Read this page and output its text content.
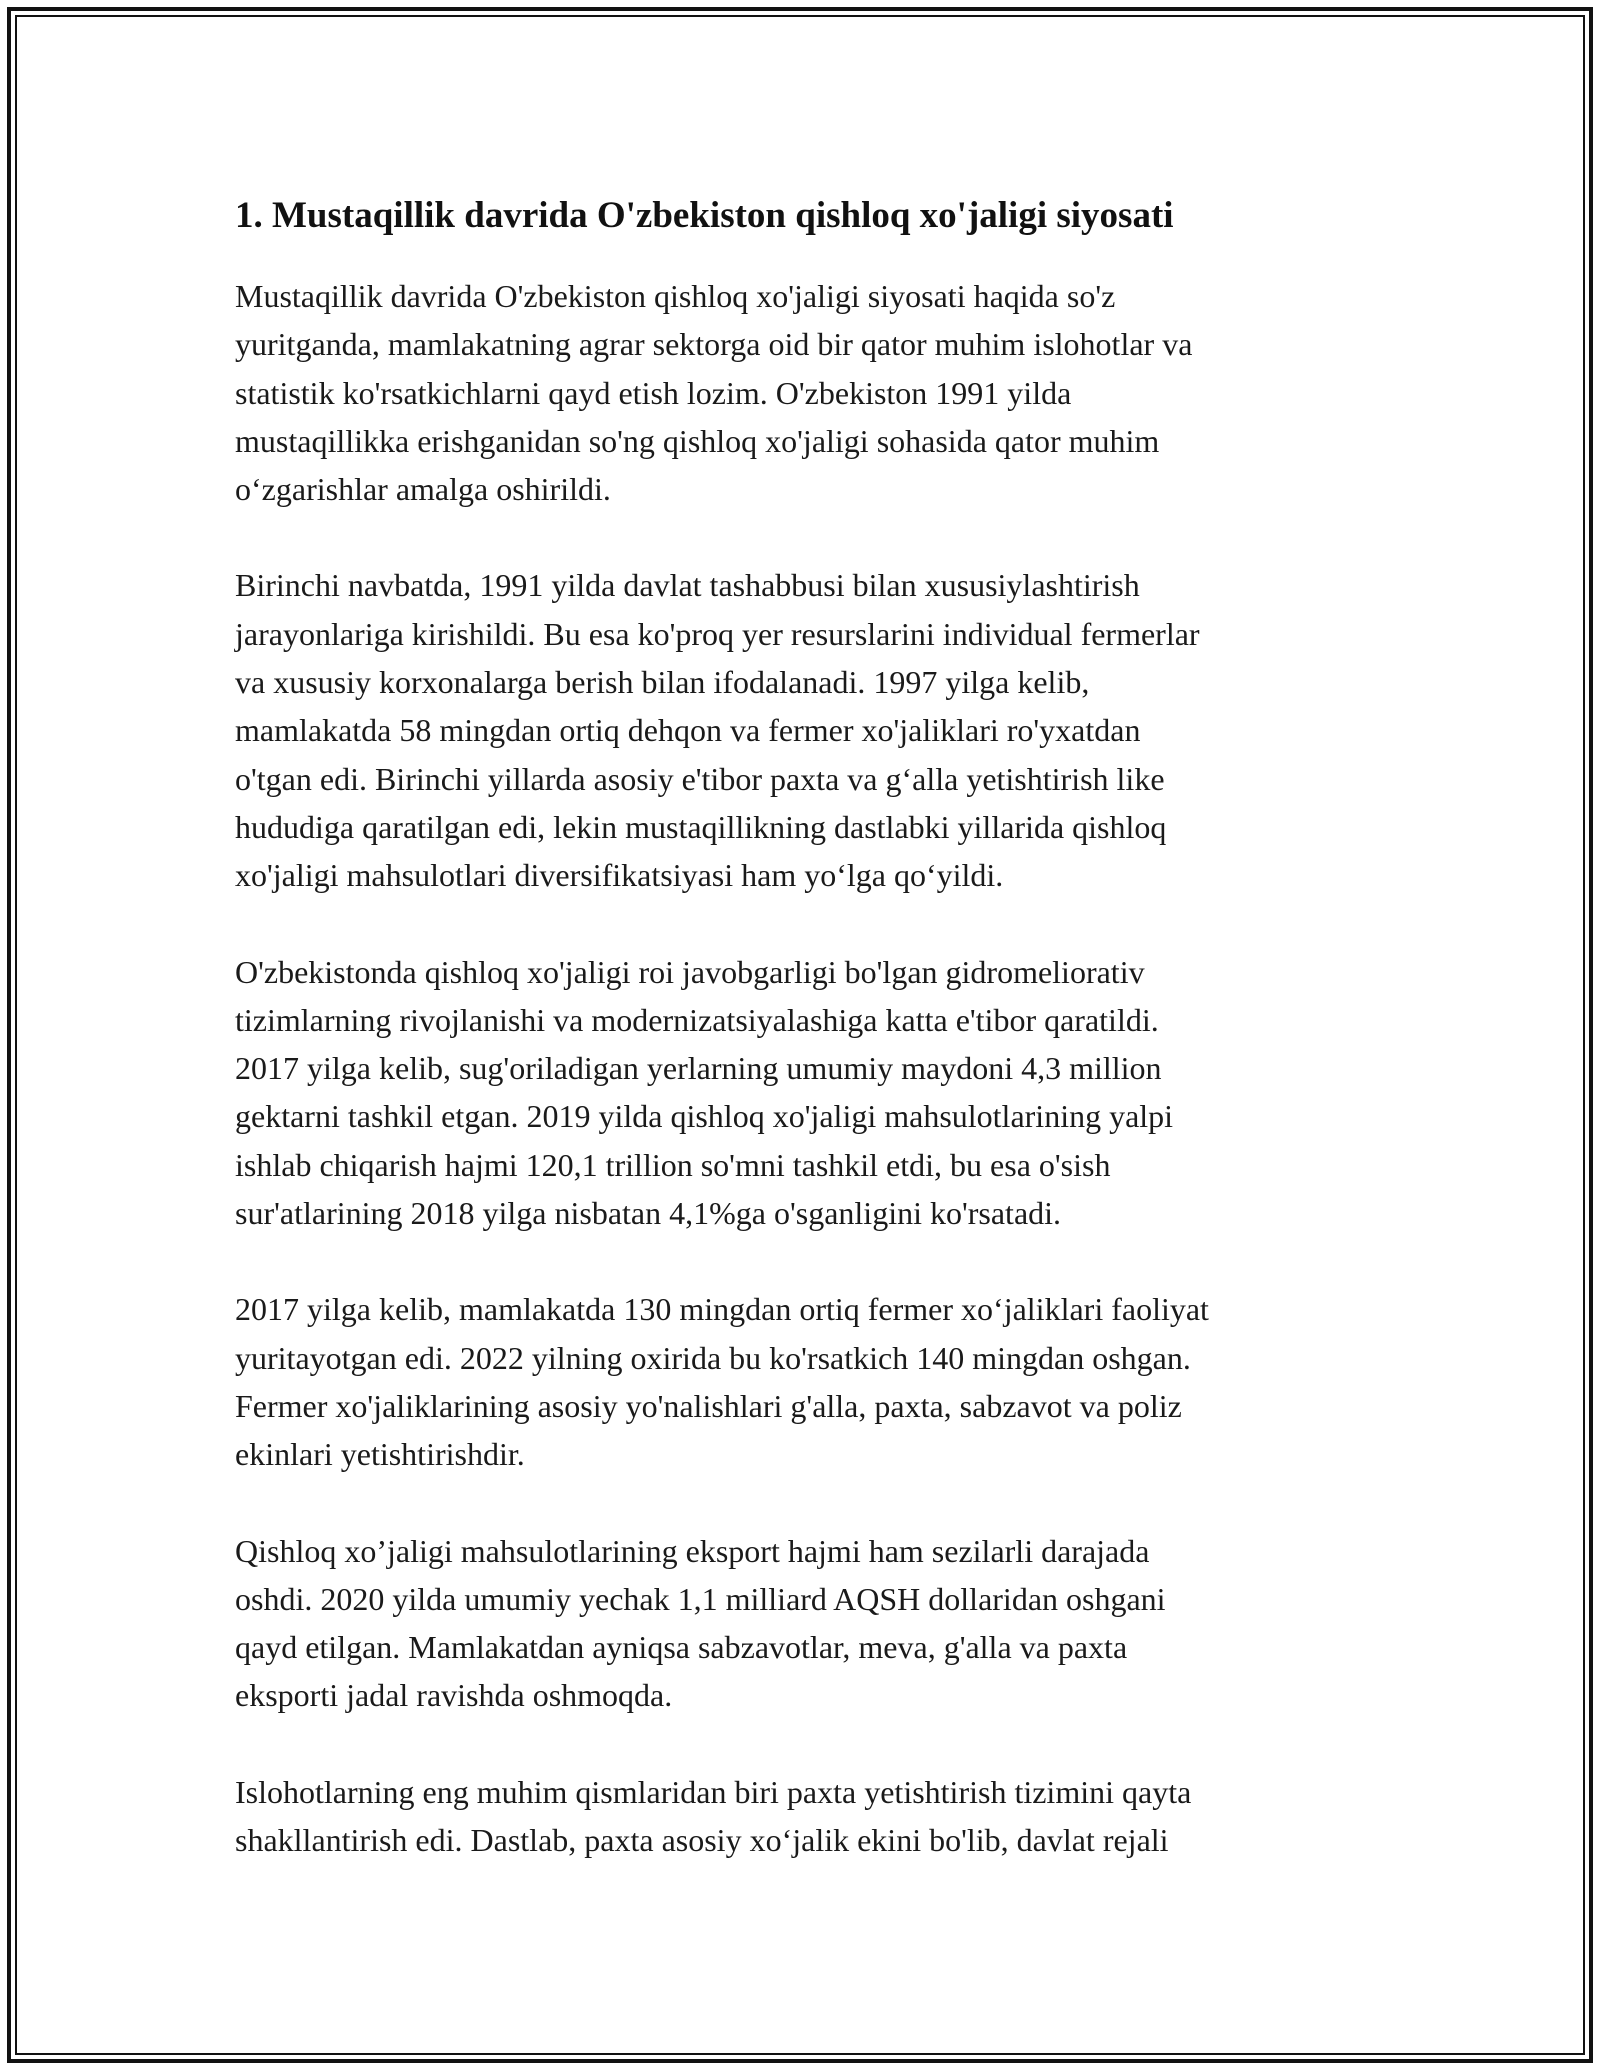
1. Mustaqillik davrida O'zbekiston qishloq xo'jaligi siyosati

Mustaqillik davrida O'zbekiston qishloq xo'jaligi siyosati haqida so'z
yuritganda, mamlakatning agrar sektorga oid bir qator muhim islohotlar va
statistik ko'rsatkichlarni qayd etish lozim. O'zbekiston 1991 yilda
mustaqillikka erishganidan so'ng qishloq xo'jaligi sohasida qator muhim
o‘zgarishlar amalga oshirildi.

Birinchi navbatda, 1991 yilda davlat tashabbusi bilan xususiylashtirish
jarayonlariga kirishildi. Bu esa ko'proq yer resurslarini individual fermerlar
va xususiy korxonalarga berish bilan ifodalanadi. 1997 yilga kelib,
mamlakatda 58 mingdan ortiq dehqon va fermer xo'jaliklari ro'yxatdan
o'tgan edi. Birinchi yillarda asosiy e'tibor paxta va g‘alla yetishtirish like
hududiga qaratilgan edi, lekin mustaqillikning dastlabki yillarida qishloq
xo'jaligi mahsulotlari diversifikatsiyasi ham yo‘lga qo‘yildi.

O'zbekistonda qishloq xo'jaligi roi javobgarligi bo'lgan gidromeliorativ
tizimlarning rivojlanishi va modernizatsiyalashiga katta e'tibor qaratildi.
2017 yilga kelib, sug'oriladigan yerlarning umumiy maydoni 4,3 million
gektarni tashkil etgan. 2019 yilda qishloq xo'jaligi mahsulotlarining yalpi
ishlab chiqarish hajmi 120,1 trillion so'mni tashkil etdi, bu esa o'sish
sur'atlarining 2018 yilga nisbatan 4,1%ga o'sganligini ko'rsatadi.

2017 yilga kelib, mamlakatda 130 mingdan ortiq fermer xo‘jaliklari faoliyat
yuritayotgan edi. 2022 yilning oxirida bu ko'rsatkich 140 mingdan oshgan.
Fermer xo'jaliklarining asosiy yo'nalishlari g'alla, paxta, sabzavot va poliz
ekinlari yetishtirishdir.

Qishloq xo’jaligi mahsulotlarining eksport hajmi ham sezilarli darajada
oshdi. 2020 yilda umumiy yechak 1,1 milliard AQSH dollaridan oshgani
qayd etilgan. Mamlakatdan ayniqsa sabzavotlar, meva, g'alla va paxta
eksporti jadal ravishda oshmoqda.

Islohotlarning eng muhim qismlaridan biri paxta yetishtirish tizimini qayta
shakllantirish edi. Dastlab, paxta asosiy xo‘jalik ekini bo'lib, davlat rejali
